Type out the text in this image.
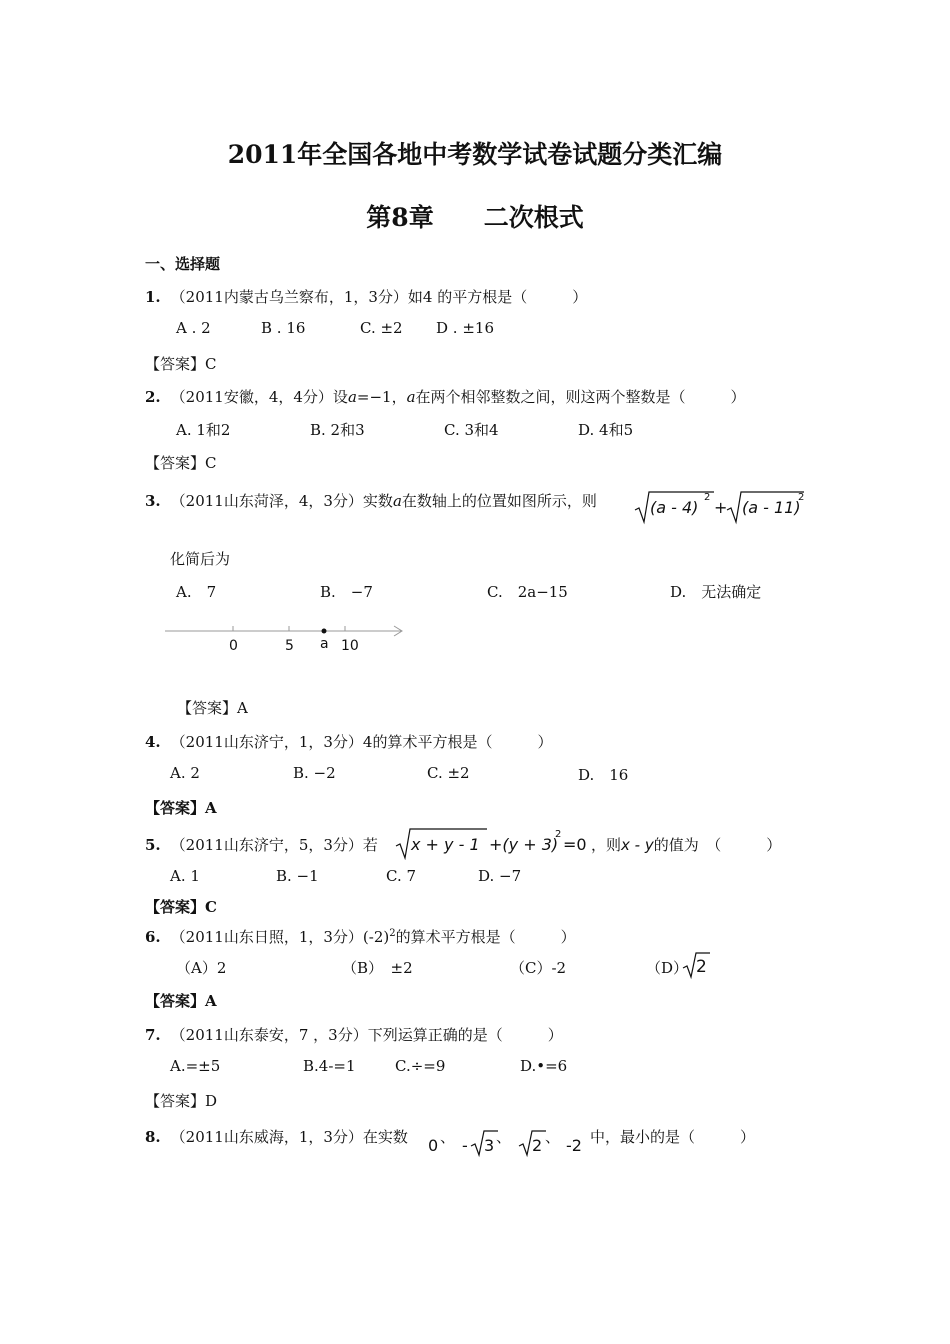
2011年全国各地中考数学试卷试题分类汇编
第8章　　二次根式
一、选择题
1. （2011内蒙古乌兰察布，1，3分）如4 的平方根是（　　　）
A . 2	B . 16	C. ±2 D . ±16
【答案】C
2. （2011安徽，4，4分）设a=−1，a在两个相邻整数之间，则这两个整数是（　　　）
A. 1和2	B. 2和3	C. 3和4	D. 4和5
【答案】C
3. （2011山东菏泽，4，3分）实数a在数轴上的位置如图所示，则	(a - 4)
2
+ (a - 11)
2
化简后为
A.　7	B.　−7	C.　2a−15	D.　无法确定
0	5 a 10
【答案】A
4. （2011山东济宁，1，3分）4的算术平方根是（　　　）
A. 2	B. −2	C. ±2	D.　16
【答案】A
5. （2011山东济宁，5，3分）若 x + y - 1 +(y + 3)
2
=0 ，则x - y的值为　（　　　）
A. 1	B. −1	C. 7	D. −7
【答案】C
6. （2011山东日照，1，3分）$(-2)^2$的算术平方根是（　　　）
（A）2	（B）　±2	（C）-2	（D） 2
【答案】A
7. （2011山东泰安，7 ，3分）下列运算正确的是（　　　）
A.=±5	B.4-=1	C.÷=9	D.•=6
【答案】D
8. （2011山东威海，1，3分）在实数 0 、 - 3 、 2 、 -2 中，最小的是（　　　）
